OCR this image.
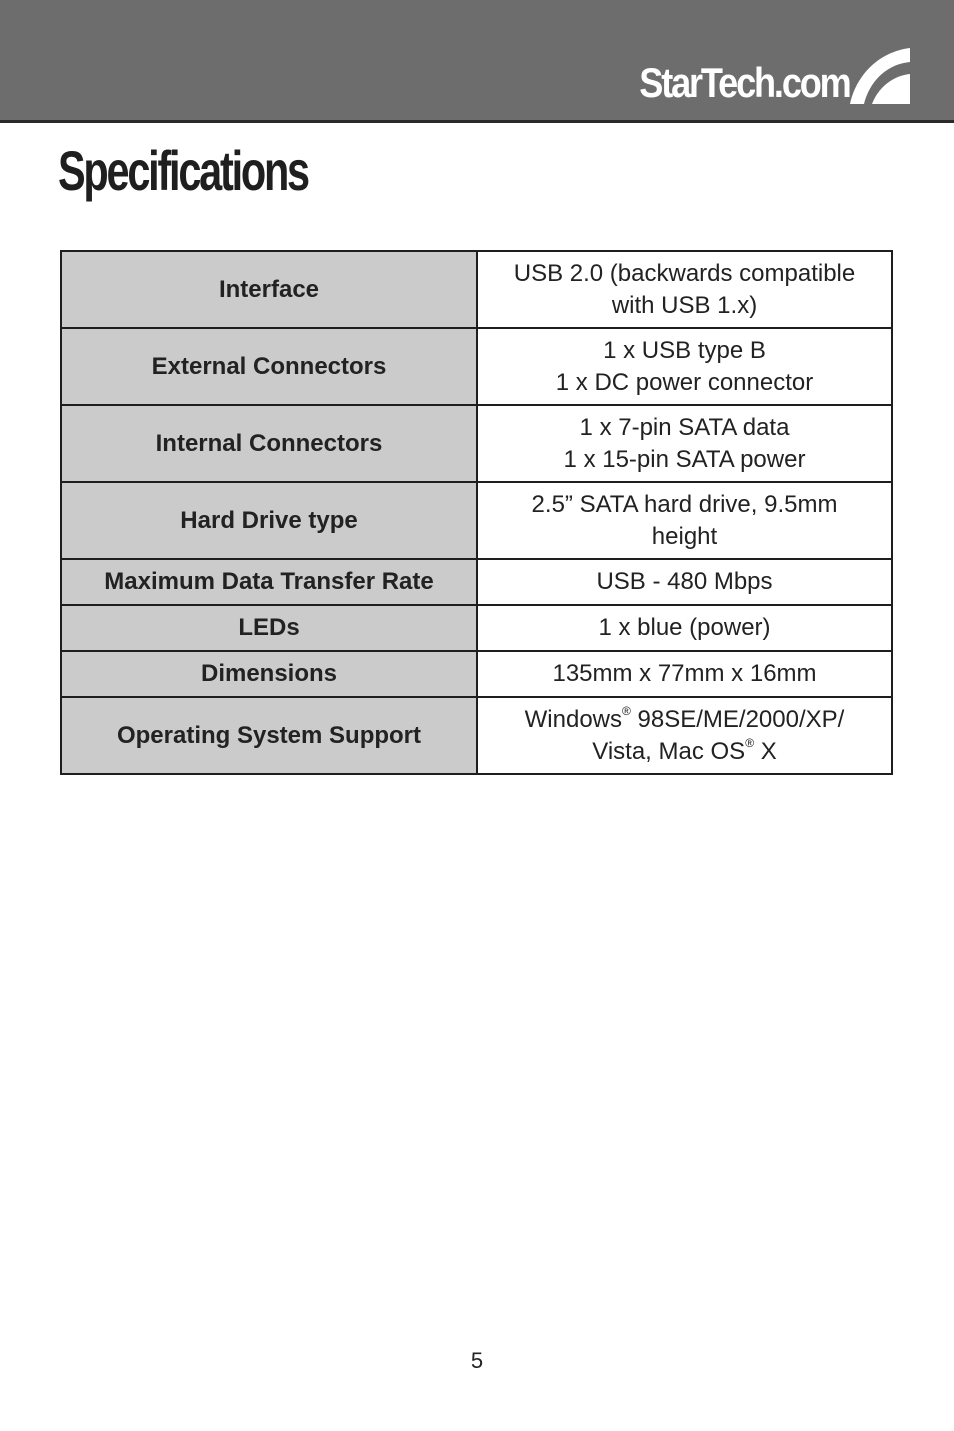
StarTech.com
Specifications
Interface	USB 2.0 (backwards compatible
with USB 1.x)

External Connectors	1 x USB type B
1 x DC power connector

Internal Connectors	1 x 7-pin SATA data
1 x 15-pin SATA power

Hard Drive type	2.5” SATA hard drive, 9.5mm
height

Maximum Data Transfer Rate	USB - 480 Mbps

LEDs	1 x blue (power)

Dimensions	135mm x 77mm x 16mm

Operating System Support	Windows® 98SE/ME/2000/XP/
Vista, Mac OS® X
5
